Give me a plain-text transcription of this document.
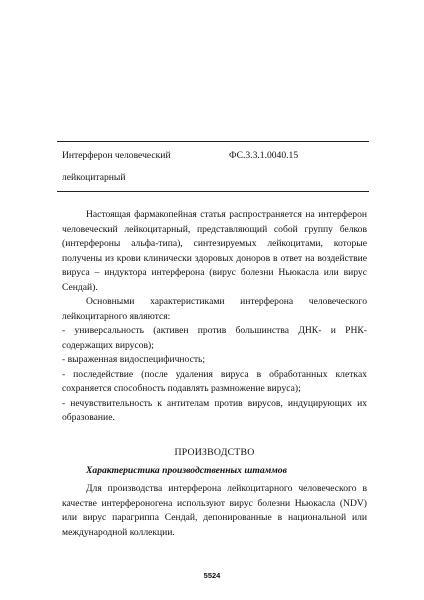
Интерферон человеческий	ФС.3.3.1.0040.15
лейкоцитарный

Настоящая фармакопейная статья распространяется на интерферон человеческий лейкоцитарный, представляющий собой группу белков (интерфероны альфа-типа), синтезируемых лейкоцитами, которые получены из крови клинически здоровых доноров в ответ на воздействие вируса – индуктора интерферона (вирус болезни Ньюкасла или вирус Сендай).

Основными характеристиками интерферона человеческого лейкоцитарного являются:

- универсальность (активен против большинства ДНК- и РНК-содержащих вирусов);

- выраженная видоспецифичность;

- последействие (после удаления вируса в обработанных клетках сохраняется способность подавлять размножение вируса);

- нечувствительность к антителам против вирусов, индуцирующих их образование.

ПРОИЗВОДСТВО
Характеристика производственных штаммов

Для производства интерферона лейкоцитарного человеческого в качестве интерфероногена используют вирус болезни Ньюкасла (NDV) или вирус парагриппа Сендай, депонированные в национальной или международной коллекции.

5524
